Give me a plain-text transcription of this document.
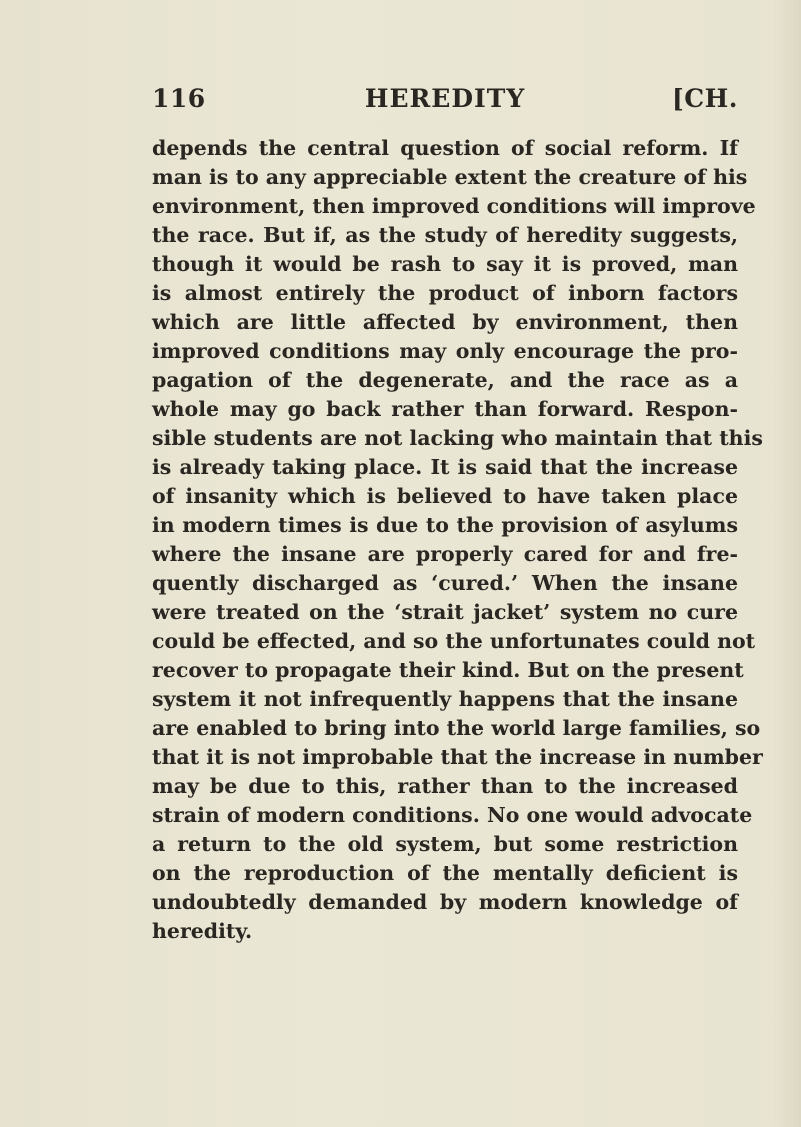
116	HEREDITY	[CH.
depends the central question of social reform. If
man is to any appreciable extent the creature of his
environment, then improved conditions will improve
the race. But if, as the study of heredity suggests,
though it would be rash to say it is proved, man
is almost entirely the product of inborn factors
which are little affected by environment, then
improved conditions may only encourage the pro-
pagation of the degenerate, and the race as a
whole may go back rather than forward. Respon-
sible students are not lacking who maintain that this
is already taking place. It is said that the increase
of insanity which is believed to have taken place
in modern times is due to the provision of asylums
where the insane are properly cared for and fre-
quently discharged as ‘cured.’ When the insane
were treated on the ‘strait jacket’ system no cure
could be effected, and so the unfortunates could not
recover to propagate their kind. But on the present
system it not infrequently happens that the insane
are enabled to bring into the world large families, so
that it is not improbable that the increase in number
may be due to this, rather than to the increased
strain of modern conditions. No one would advocate
a return to the old system, but some restriction
on the reproduction of the mentally deficient is
undoubtedly demanded by modern knowledge of
heredity.
